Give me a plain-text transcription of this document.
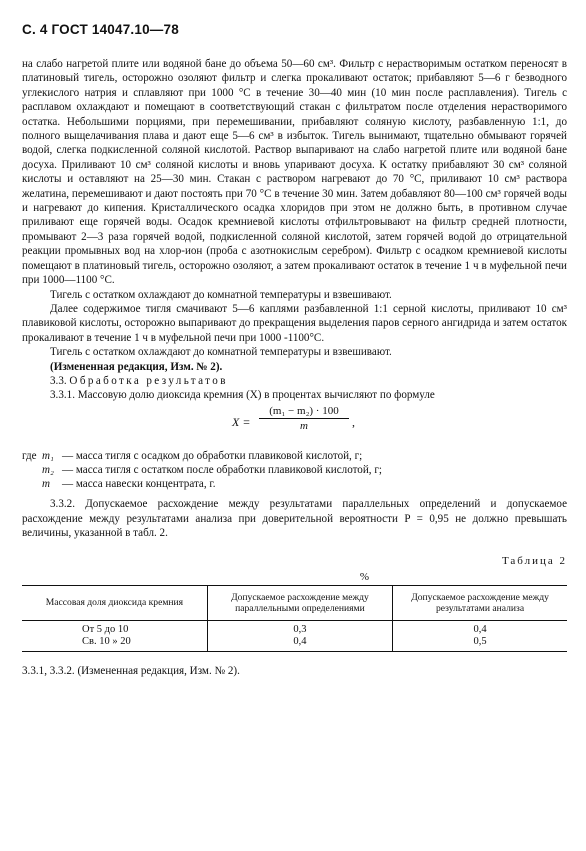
С. 4 ГОСТ 14047.10—78

на слабо нагретой плите или водяной бане до объема 50—60 см³. Фильтр с нерастворимым остатком переносят в платиновый тигель, осторожно озоляют фильтр и слегка прокаливают остаток; прибавляют 5—6 г безводного углекислого натрия и сплавляют при 1000 °С в течение 30—40 мин (10 мин после расплавления). Тигель с расплавом охлаждают и помещают в соответствующий стакан с фильтратом после отделения нерастворимого остатка. Небольшими порциями, при перемешивании, прибавляют соляную кислоту, разбавленную 1:1, до полного выщелачивания плава и дают еще 5—6 см³ в избыток. Тигель вынимают, тщательно обмывают горячей водой, слегка подкисленной соляной кислотой. Раствор выпаривают на слабо нагретой плите или водяной бане досуха. Приливают 10 см³ соляной кислоты и вновь упаривают досуха. К остатку прибавляют 30 см³ соляной кислоты и оставляют на 25—30 мин. Стакан с раствором нагревают до 70 °С, приливают 10 см³ раствора желатина, перемешивают и дают постоять при 70 °С в течение 30 мин. Затем добавляют 80—100 см³ горячей воды и нагревают до кипения. Кристаллического осадка хлоридов при этом не должно быть, в противном случае приливают еще горячей воды. Осадок кремниевой кислоты отфильтровывают на фильтр средней плотности, промывают 2—3 раза горячей водой, подкисленной соляной кислотой, затем горячей водой до отрицательной реакции промывных вод на хлор-ион (проба с азотнокислым серебром). Фильтр с осадком кремниевой кислоты помещают в платиновый тигель, осторожно озоляют, а затем прокаливают остаток в течение 1 ч в муфельной печи при 1000—1100 °С.

Тигель с остатком охлаждают до комнатной температуры и взвешивают.

Далее содержимое тигля смачивают 5—6 каплями разбавленной 1:1 серной кислоты, приливают 10 см³ плавиковой кислоты, осторожно выпаривают до прекращения выделения паров серного ангидрида и затем остаток прокаливают в течение 1 ч в муфельной печи при 1000 -1100°С.

Тигель с остатком охлаждают до комнатной температуры и взвешивают.

(Измененная редакция, Изм. № 2).

3.3. Обработка результатов

3.3.1. Массовую долю диоксида кремния (X) в процентах вычисляют по формуле

$X = \frac{\text{(m₁ − m₂) · 100}}{m}$ ,
где m₁ — масса тигля с осадком до обработки плавиковой кислотой, г;
m₂ — масса тигля с остатком после обработки плавиковой кислотой, г;
m	— масса навески концентрата, г.

3.3.2. Допускаемое расхождение между результатами параллельных определений и допускаемое расхождение между результатами анализа при доверительной вероятности P = 0,95 не должно превышать величины, указанной в табл. 2.

Таблица 2
%
Массовая доля диоксида кремния	Допускаемое расхождение между параллельными определениями	Допускаемое расхождение между результатами анализа
От 5 до 10	0,3	0,4
Св. 10 » 20	0,4	0,5
3.3.1, 3.3.2. (Измененная редакция, Изм. № 2).
